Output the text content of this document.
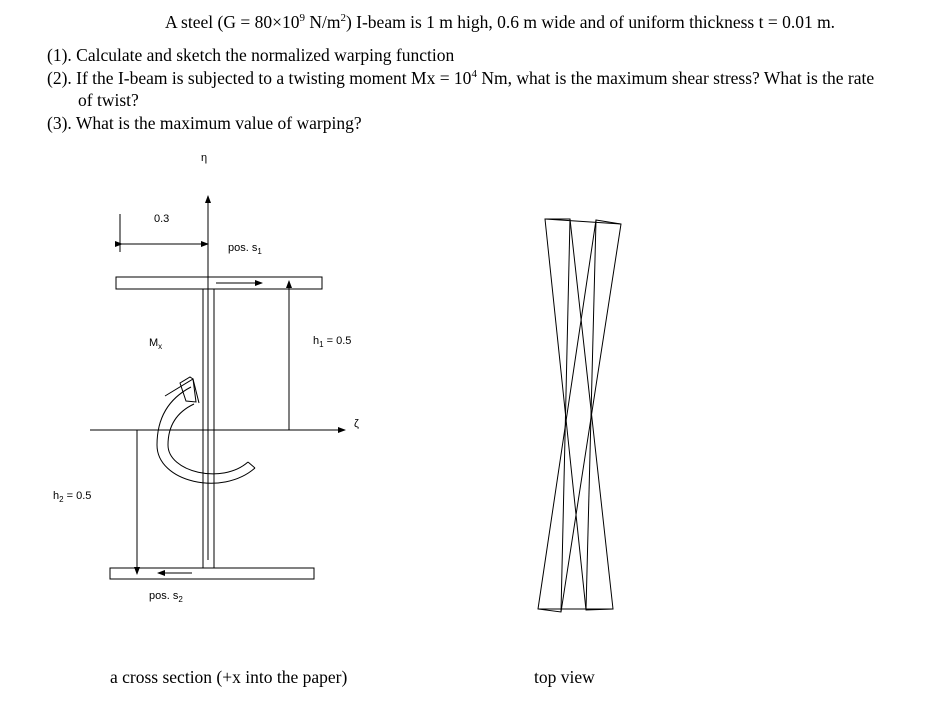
A steel ($G = 80\times 10^9$ $N/m^2$) I-beam is 1 m high, 0.6 m wide and of uniform thickness t = 0.01 m.
(1). Calculate and sketch the normalized warping function
(2). If the I-beam is subjected to a twisting moment $Mx = 10^4$ Nm, what is the maximum shear stress? What is the rate
of twist?
(3). What is the maximum value of warping?
η
ζ
0.3
pos. $s_1$
pos. $s_2$
$M_x$	$h_1 = 0.5$
$h_2 = 0.5$
a cross section (+x into the paper)	top view
